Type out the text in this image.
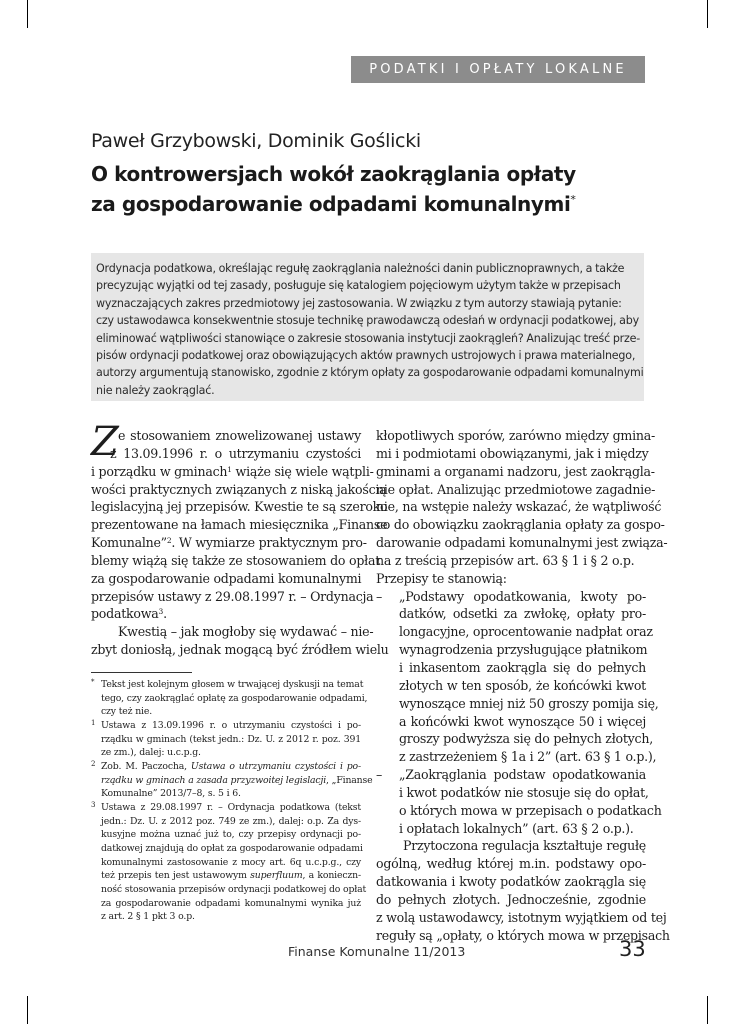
PODATKI I OPŁATY LOKALNE
Paweł Grzybowski, Dominik Goślicki
O kontrowersjach wokół zaokrąglania opłaty
za gospodarowanie odpadami komunalnymi*
Ordynacja podatkowa, określając regułę zaokrąglania należności danin publicznoprawnych, a także
precyzując wyjątki od tej zasady, posługuje się katalogiem pojęciowym użytym także w przepisach
wyznaczających zakres przedmiotowy jej zastosowania. W związku z tym autorzy stawiają pytanie:
czy ustawodawca konsekwentnie stosuje technikę prawodawczą odesłań w ordynacji podatkowej, aby
eliminować wątpliwości stanowiące o zakresie stosowania instytucji zaokrągleń? Analizując treść prze-
pisów ordynacji podatkowej oraz obowiązujących aktów prawnych ustrojowych i prawa materialnego,
autorzy argumentują stanowisko, zgodnie z którym opłaty za gospodarowanie odpadami komunalnymi
nie należy zaokrąglać.
Z e stosowaniem znowelizowanej ustawy
z 13.09.1996 r. o utrzymaniu czystości
i porządku w gminach$^1$ wiąże się wiele wątpli-
wości praktycznych związanych z niską jakością
legislacyjną jej przepisów. Kwestie te są szeroko
prezentowane na łamach miesięcznika „Finanse
Komunalne”$^2$. W wymiarze praktycznym pro-
blemy wiążą się także ze stosowaniem do opłat
za gospodarowanie odpadami komunalnymi
przepisów ustawy z 29.08.1997 r. – Ordynacja
podatkowa$^3$.
Kwestią – jak mogłoby się wydawać – nie-
zbyt doniosłą, jednak mogącą być źródłem wielu
* Tekst jest kolejnym głosem w trwającej dyskusji na temat
tego, czy zaokrąglać opłatę za gospodarowanie odpadami,
czy też nie.
1 Ustawa z 13.09.1996 r. o utrzymaniu czystości i po-
rządku w gminach (tekst jedn.: Dz. U. z 2012 r. poz. 391
ze zm.), dalej: u.c.p.g.
2 Zob. M. Paczocha, Ustawa o utrzymaniu czystości i po-
rządku w gminach a zasada przyzwoitej legislacji, „Finanse
Komunalne” 2013/7–8, s. 5 i 6.
3 Ustawa z 29.08.1997 r. – Ordynacja podatkowa (tekst
jedn.: Dz. U. z 2012 poz. 749 ze zm.), dalej: o.p. Za dys-
kusyjne można uznać już to, czy przepisy ordynacji po-
datkowej znajdują do opłat za gospodarowanie odpadami
komunalnymi zastosowanie z mocy art. 6q u.c.p.g., czy
też przepis ten jest ustawowym superfluum, a konieczn-
ność stosowania przepisów ordynacji podatkowej do opłat
za gospodarowanie odpadami komunalnymi wynika już
z art. 2 § 1 pkt 3 o.p.
kłopotliwych sporów, zarówno między gmina-
mi i podmiotami obowiązanymi, jak i między
gminami a organami nadzoru, jest zaokrągla-
nie opłat. Analizując przedmiotowe zagadnie-
nie, na wstępie należy wskazać, że wątpliwość
co do obowiązku zaokrąglania opłaty za gospo-
darowanie odpadami komunalnymi jest związa-
na z treścią przepisów art. 63 § 1 i § 2 o.p.
Przepisy te stanowią:
– „Podstawy opodatkowania, kwoty po-
datków, odsetki za zwłokę, opłaty pro-
longacyjne, oprocentowanie nadpłat oraz
wynagrodzenia przysługujące płatnikom
i inkasentom zaokrągla się do pełnych
złotych w ten sposób, że końcówki kwot
wynoszące mniej niż 50 groszy pomija się,
a końcówki kwot wynoszące 50 i więcej
groszy podwyższa się do pełnych złotych,
z zastrzeżeniem § 1a i 2” (art. 63 § 1 o.p.),
– „Zaokrąglania podstaw opodatkowania
i kwot podatków nie stosuje się do opłat,
o których mowa w przepisach o podatkach
i opłatach lokalnych” (art. 63 § 2 o.p.).
Przytoczona regulacja kształtuje regułę
ogólną, według której m.in. podstawy opo-
datkowania i kwoty podatków zaokrągla się
do pełnych złotych. Jednocześnie, zgodnie
z wolą ustawodawcy, istotnym wyjątkiem od tej
reguły są „opłaty, o których mowa w przepisach
Finanse Komunalne 11/2013	33
